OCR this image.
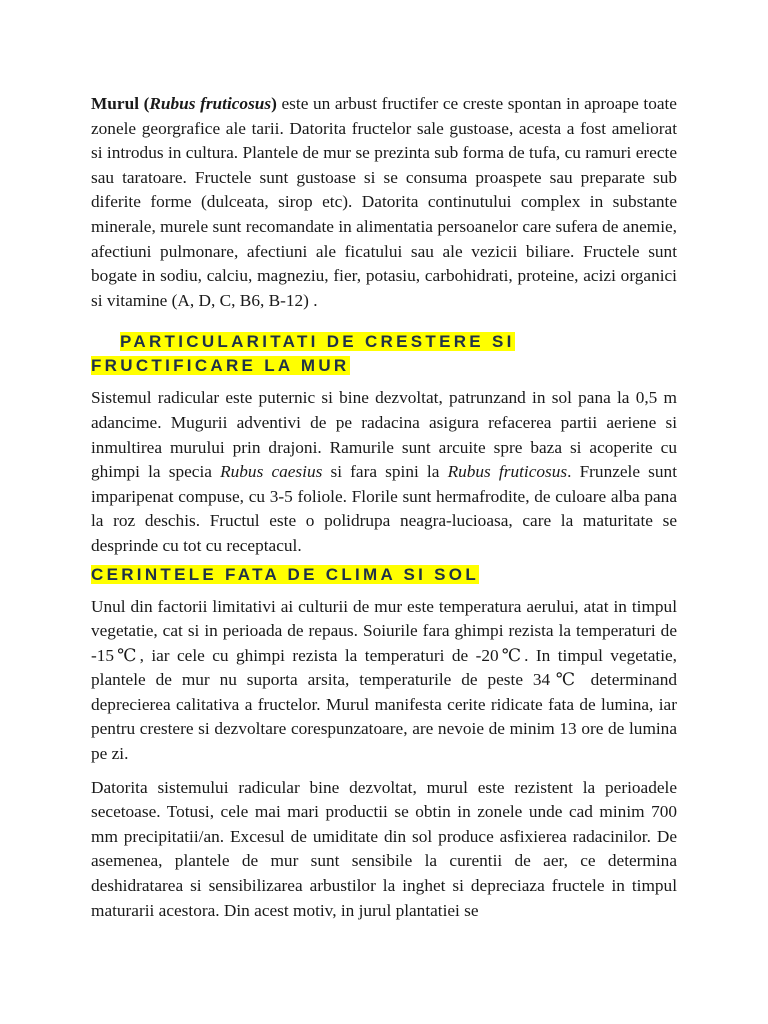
Murul (Rubus fruticosus) este un arbust fructifer ce creste spontan in aproape toate zonele georgrafice ale tarii. Datorita fructelor sale gustoase, acesta a fost ameliorat si introdus in cultura. Plantele de mur se prezinta sub forma de tufa, cu ramuri erecte sau taratoare. Fructele sunt gustoase si se consuma proaspete sau preparate sub diferite forme (dulceata, sirop etc). Datorita continutului complex in substante minerale, murele sunt recomandate in alimentatia persoanelor care sufera de anemie, afectiuni pulmonare, afectiuni ale ficatului sau ale vezicii biliare. Fructele sunt bogate in sodiu, calciu, magneziu, fier, potasiu, carbohidrati, proteine, acizi organici si vitamine (A, D, C, B6, B-12) .

PARTICULARITATI DE CRESTERE SI
FRUCTIFICARE LA MUR

Sistemul radicular este puternic si bine dezvoltat, patrunzand in sol pana la 0,5 m adancime. Mugurii adventivi de pe radacina asigura refacerea partii aeriene si inmultirea murului prin drajoni. Ramurile sunt arcuite spre baza si acoperite cu ghimpi la specia Rubus caesius si fara spini la Rubus fruticosus. Frunzele sunt imparipenat compuse, cu 3-5 foliole. Florile sunt hermafrodite, de culoare alba pana la roz deschis. Fructul este o polidrupa neagra-lucioasa, care la maturitate se desprinde cu tot cu receptacul.

CERINTELE FATA DE CLIMA SI SOL

Unul din factorii limitativi ai culturii de mur este temperatura aerului, atat in timpul vegetatie, cat si in perioada de repaus. Soiurile fara ghimpi rezista la temperaturi de -15℃, iar cele cu ghimpi rezista la temperaturi de -20℃. In timpul vegetatie, plantele de mur nu suporta arsita, temperaturile de peste 34℃ determinand deprecierea calitativa a fructelor. Murul manifesta cerite ridicate fata de lumina, iar pentru crestere si dezvoltare corespunzatoare, are nevoie de minim 13 ore de lumina pe zi.

Datorita sistemului radicular bine dezvoltat, murul este rezistent la perioadele secetoase. Totusi, cele mai mari productii se obtin in zonele unde cad minim 700 mm precipitatii/an. Excesul de umiditate din sol produce asfixierea radacinilor. De asemenea, plantele de mur sunt sensibile la curentii de aer, ce determina deshidratarea si sensibilizarea arbustilor la inghet si depreciaza fructele in timpul maturarii acestora. Din acest motiv, in jurul plantatiei se
